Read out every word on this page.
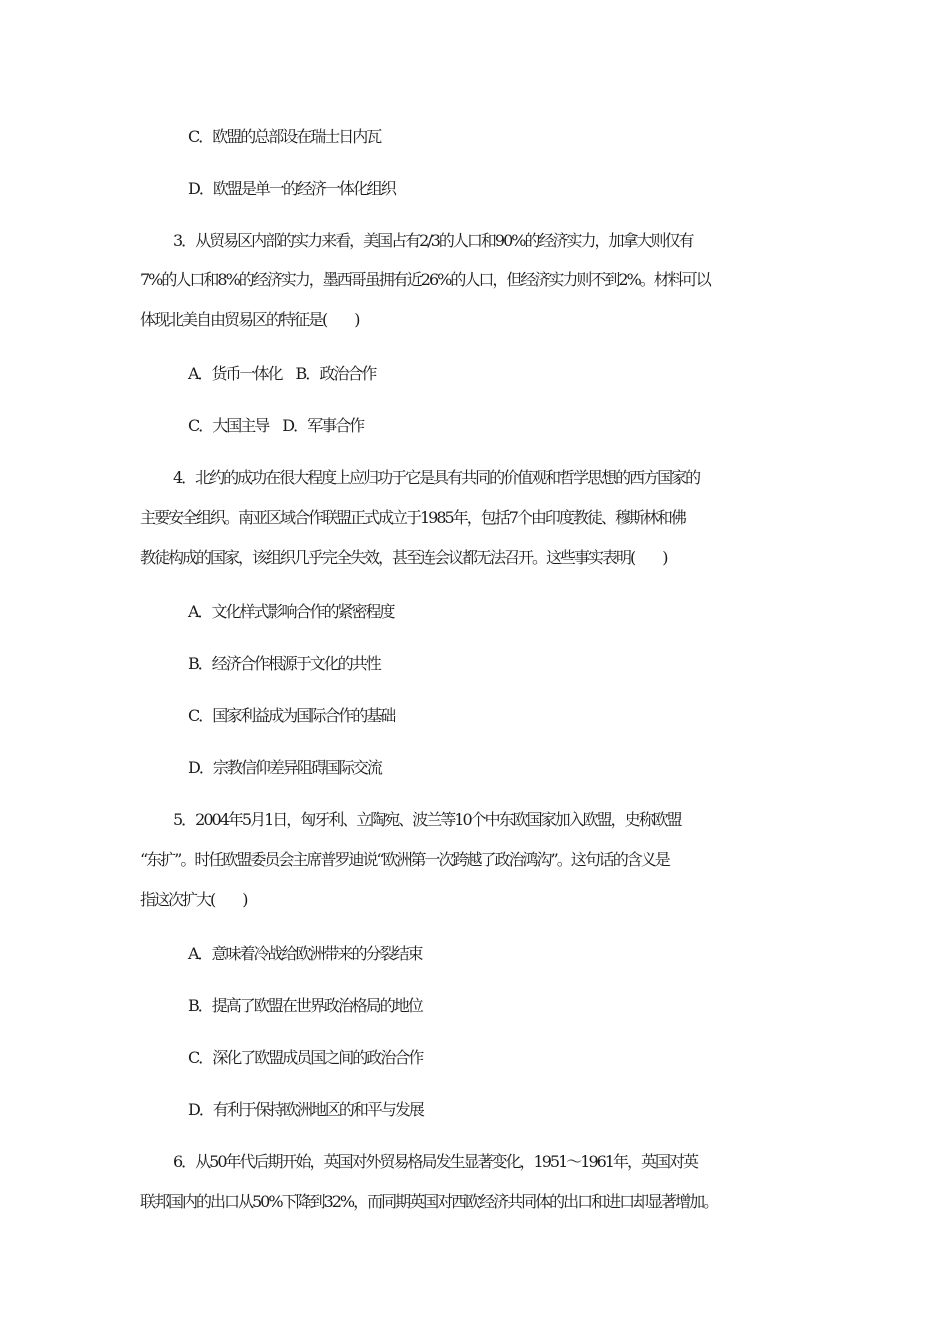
C．欧盟的总部设在瑞士日内瓦
D．欧盟是单一的经济一体化组织
3．从贸易区内部的实力来看，美国占有2/3的人口和90%的经济实力，加拿大则仅有
7%的人口和8%的经济实力，墨西哥虽拥有近26%的人口，但经济实力则不到2%。材料可以
体现北美自由贸易区的特征是(　　)
A．货币一体化　B．政治合作
C．大国主导　D．军事合作
4．北约的成功在很大程度上应归功于它是具有共同的价值观和哲学思想的西方国家的
主要安全组织。南亚区域合作联盟正式成立于1985年，包括7个由印度教徒、穆斯林和佛
教徒构成的国家，该组织几乎完全失效，甚至连会议都无法召开。这些事实表明(　　)
A．文化样式影响合作的紧密程度
B．经济合作根源于文化的共性
C．国家利益成为国际合作的基础
D．宗教信仰差异阻碍国际交流
5．2004年5月1日，匈牙利、立陶宛、波兰等10个中东欧国家加入欧盟，史称欧盟
“东扩”。时任欧盟委员会主席普罗迪说“欧洲第一次跨越了政治鸿沟”。这句话的含义是
指这次扩大(　　)
A．意味着冷战给欧洲带来的分裂结束
B．提高了欧盟在世界政治格局的地位
C．深化了欧盟成员国之间的政治合作
D．有利于保持欧洲地区的和平与发展
6．从50年代后期开始，英国对外贸易格局发生显著变化，1951～1961年，英国对英
联邦国内的出口从50%下降到32%，而同期英国对西欧经济共同体的出口和进口却显著增加。
